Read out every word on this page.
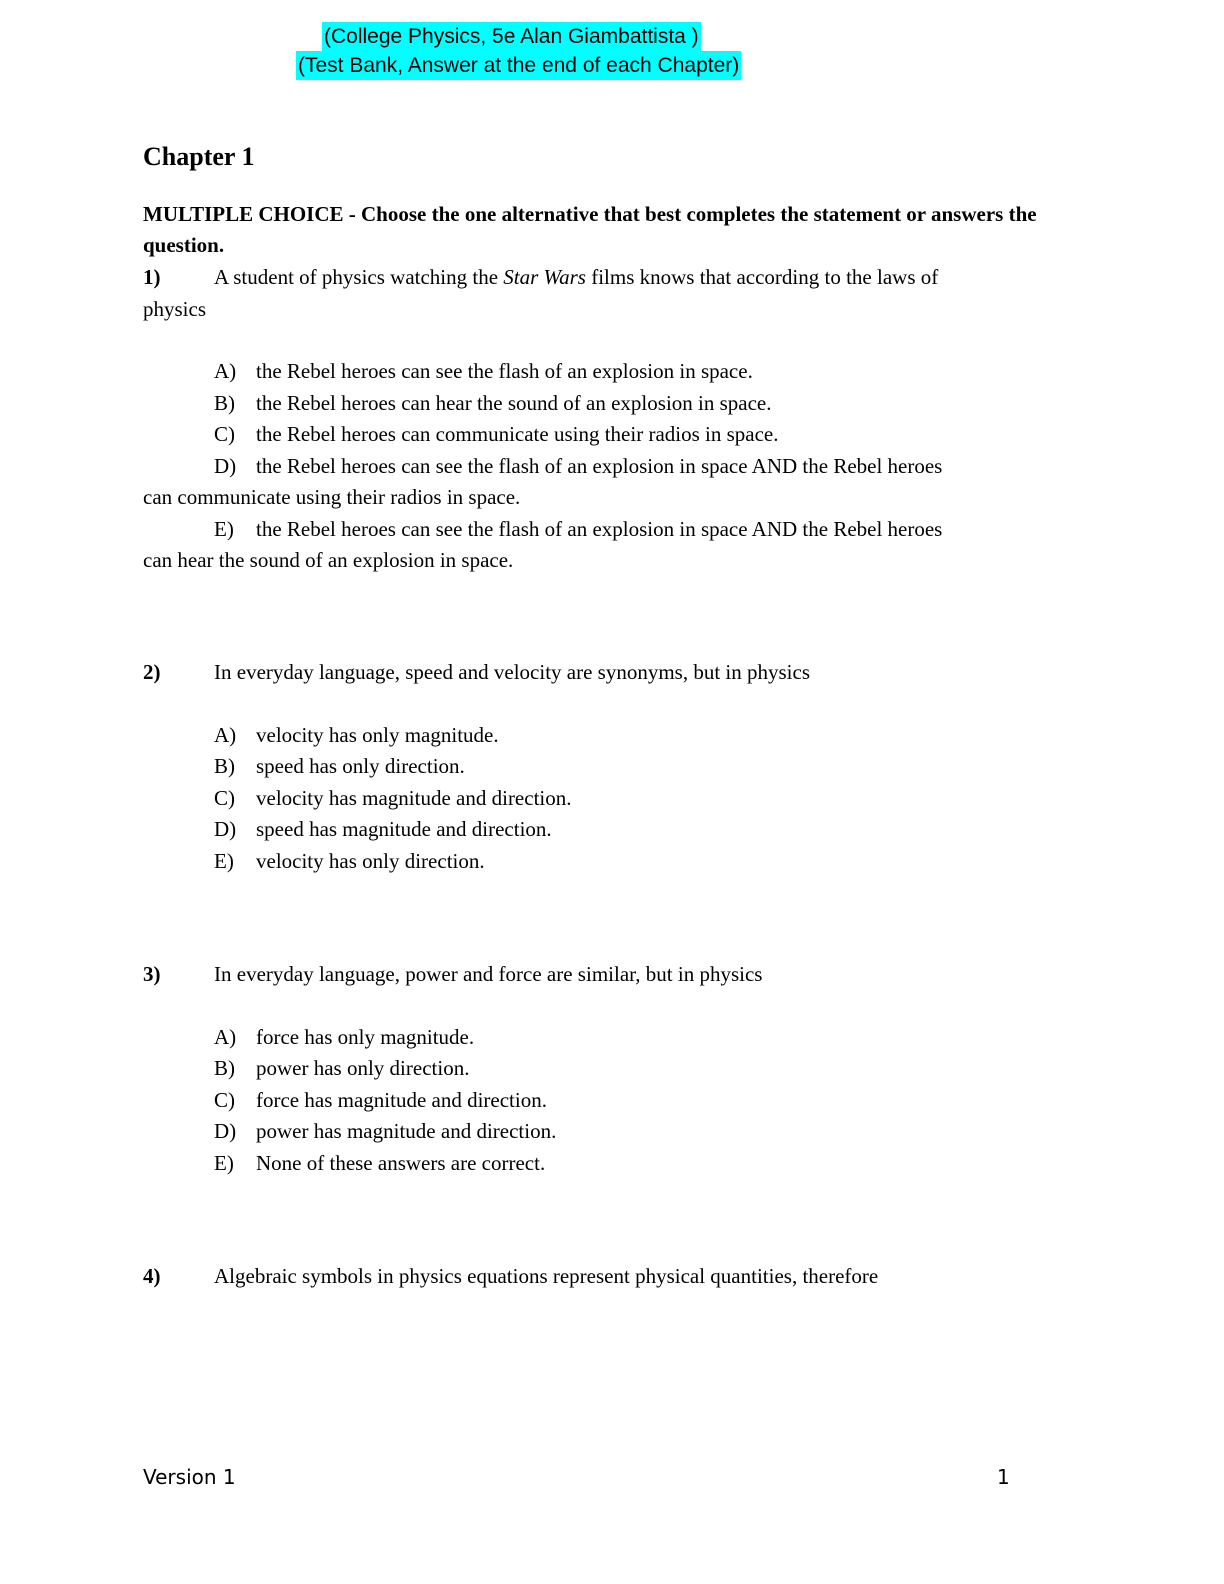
(College Physics, 5e Alan Giambattista )
(Test Bank, Answer at the end of each Chapter)
Chapter 1
MULTIPLE CHOICE - Choose the one alternative that best completes the statement or answers the question.
1)	A student of physics watching the Star Wars films knows that according to the laws of
physics
A) the Rebel heroes can see the flash of an explosion in space.
B) the Rebel heroes can hear the sound of an explosion in space.
C) the Rebel heroes can communicate using their radios in space.
D) the Rebel heroes can see the flash of an explosion in space AND the Rebel heroes
can communicate using their radios in space.
E) the Rebel heroes can see the flash of an explosion in space AND the Rebel heroes
can hear the sound of an explosion in space.
2)	In everyday language, speed and velocity are synonyms, but in physics
A) velocity has only magnitude.
B) speed has only direction.
C) velocity has magnitude and direction.
D) speed has magnitude and direction.
E) velocity has only direction.
3)	In everyday language, power and force are similar, but in physics
A) force has only magnitude.
B) power has only direction.
C) force has magnitude and direction.
D) power has magnitude and direction.
E) None of these answers are correct.
4)	Algebraic symbols in physics equations represent physical quantities, therefore
Version 1	1
